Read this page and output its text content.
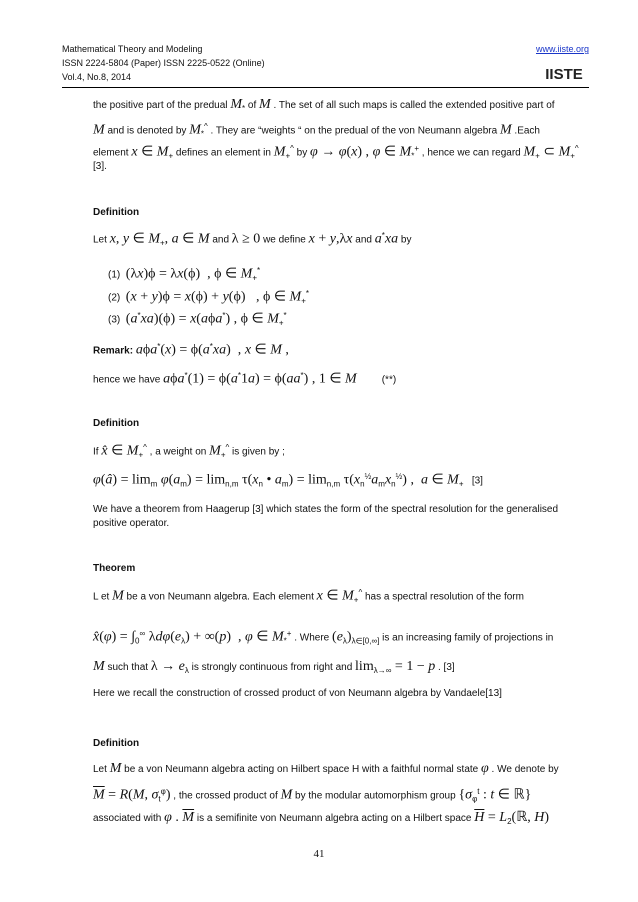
Mathematical Theory and Modeling
ISSN 2224-5804 (Paper) ISSN 2225-0522 (Online)
Vol.4, No.8, 2014
www.iiste.org
IISTE
the positive part of the predual $M_*$ of M . The set of all such maps is called the extended positive part of
M and is denoted by $M_*^{\^{}}$ . They are “weights “ on the predual of the von Neumann algebra M .Each
element x ∈ $M_+$ defines an element in $M_+^{\^{}}$ by φ → φ(x) , φ ∈ $M_*^+$ , hence we can regard $M_+$ ⊂ $M_+^{\^{}}$
[3].
Definition
Let x, y ∈ $M_+$, a ∈ M and λ ≥ 0 we define x + y,λx and a*xa by
(1) (λx)ϕ = λx(ϕ)  , ϕ ∈ $M_+^*$
(2) (x + y)ϕ = x(ϕ) + y(ϕ)   , ϕ ∈ $M_+^*$
(3) (a*xa)(ϕ) = x(aϕa*) , ϕ ∈ $M_+^*$
Remark: aϕa*(x) = ϕ(a*xa)  , x ∈ M ,
hence we have aϕa*(1) = ϕ(a*1a) = ϕ(aa*) , 1 ∈ M	(**)
Definition
If x̂ ∈ $M_+^{\^{}}$ , a weight on $M_+^{\^{}}$ is given by ;
φ(â) = $\lim_m \varphi(a_m) = \lim_{n,m} \tau(x_n$ • $a_m) = \lim_{n,m} \tau(x_n^{\frac{1}{2}}a_mx_n^{\frac{1}{2}})$ ,  a ∈ $M_+$ [3]
We have a theorem from Haagerup [3] which states the form of the spectral resolution for the generalised positive operator.
Theorem
L et M be a von Neumann algebra. Each element x ∈ $M_+^{\^{}}$ has a spectral resolution of the form
x̂(φ) = $\int_0^\infty$ $\lambda d\varphi(e_\lambda) + \infty(p)$  , φ ∈ $M_*^+$ . Where $(e_\lambda)_{\lambda\in[0,\infty]}$ is an increasing family of projections in
M such that $\lambda \to e_\lambda$ is strongly continuous from right and $\lim_{\lambda\to\infty} = 1 - p$ . [3]
Here we recall the construction of crossed product of von Neumann algebra by Vandaele[13]
Definition
Let M be a von Neumann algebra acting on Hilbert space H with a faithful normal state φ . We denote by
$\overline{M} = R(M$, $\sigma_t^\varphi$) , the crossed product of M by the modular automorphism group {$\sigma_\varphi^t$ : t ∈ ℝ}
associated with φ . $\overline{M}$ is a semifinite von Neumann algebra acting on a Hilbert space $\overline{H}$ = $L_2(ℝ$, H)
41
